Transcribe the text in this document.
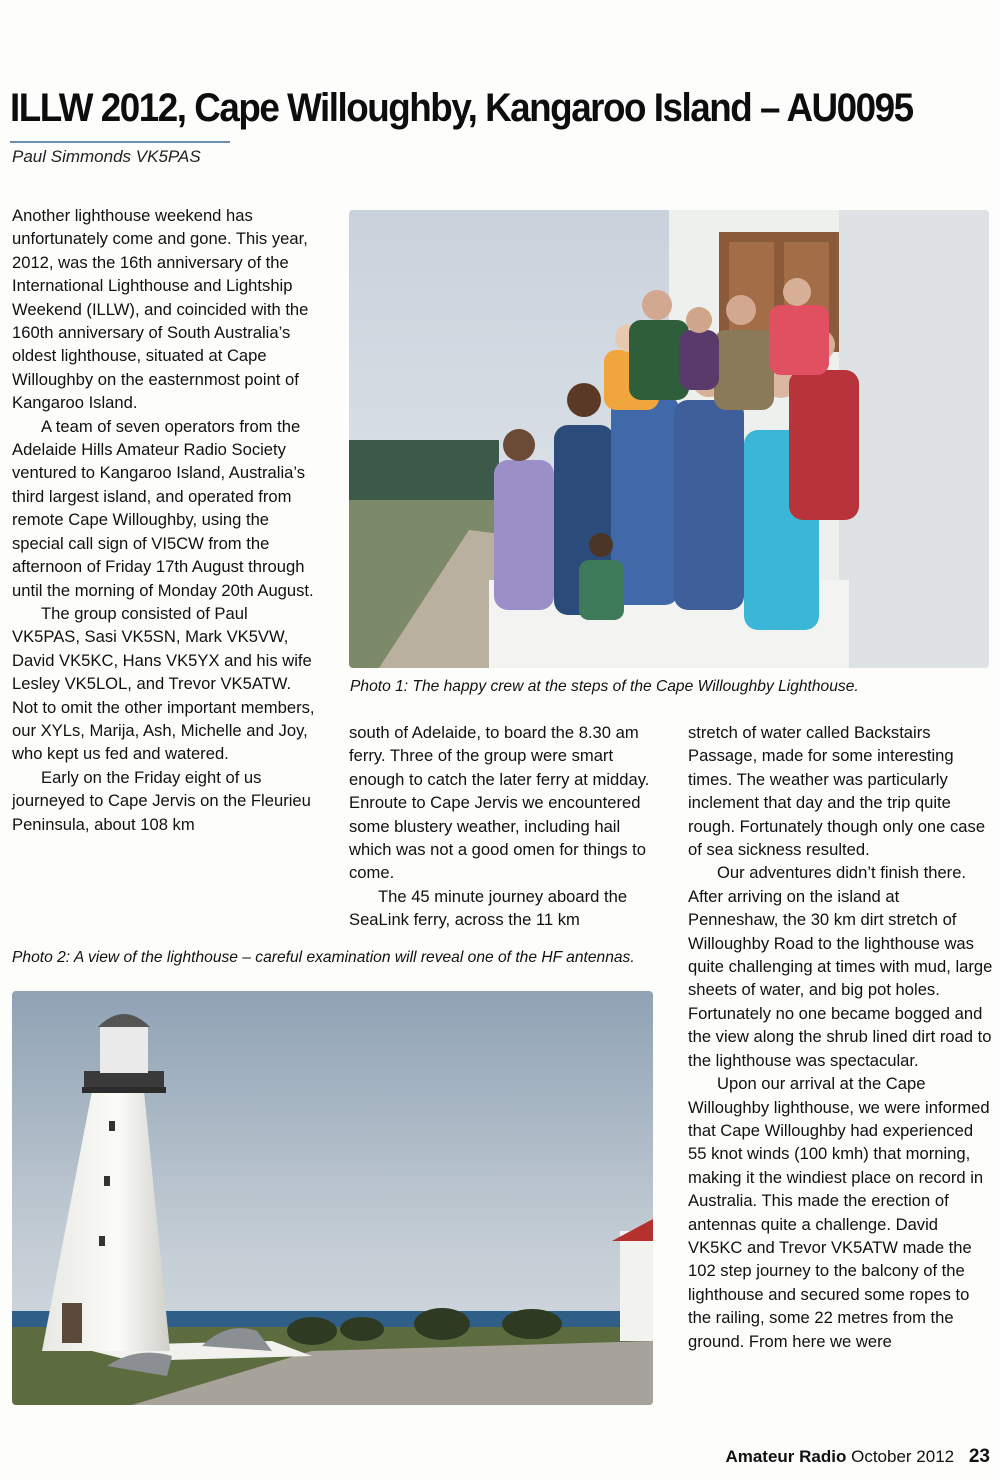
ILLW 2012, Cape Willoughby, Kangaroo Island – AU0095
Paul Simmonds VK5PAS

Another lighthouse weekend has unfortunately come and gone. This year, 2012, was the 16th anniversary of the International Lighthouse and Lightship Weekend (ILLW), and coincided with the 160th anniversary of South Australia’s oldest lighthouse, situated at Cape Willoughby on the easternmost point of Kangaroo Island.

A team of seven operators from the Adelaide Hills Amateur Radio Society ventured to Kangaroo Island, Australia’s third largest island, and operated from remote Cape Willoughby, using the special call sign of VI5CW from the afternoon of Friday 17th August through until the morning of Monday 20th August.

The group consisted of Paul VK5PAS, Sasi VK5SN, Mark VK5VW, David VK5KC, Hans VK5YX and his wife Lesley VK5LOL, and Trevor VK5ATW. Not to omit the other important members, our XYLs, Marija, Ash, Michelle and Joy, who kept us fed and watered.

Early on the Friday eight of us journeyed to Cape Jervis on the Fleurieu Peninsula, about 108 km

Photo 1: The happy crew at the steps of the Cape Willoughby Lighthouse.

south of Adelaide, to board the 8.30 am ferry. Three of the group were smart enough to catch the later ferry at midday. Enroute to Cape Jervis we encountered some blustery weather, including hail which was not a good omen for things to come.

The 45 minute journey aboard the SeaLink ferry, across the 11 km

stretch of water called Backstairs Passage, made for some interesting times. The weather was particularly inclement that day and the trip quite rough. Fortunately though only one case of sea sickness resulted.

Our adventures didn’t finish there. After arriving on the island at Penneshaw, the 30 km dirt stretch of Willoughby Road to the lighthouse was quite challenging at times with mud, large sheets of water, and big pot holes. Fortunately no one became bogged and the view along the shrub lined dirt road to the lighthouse was spectacular.

Upon our arrival at the Cape Willoughby lighthouse, we were informed that Cape Willoughby had experienced 55 knot winds (100 kmh) that morning, making it the windiest place on record in Australia. This made the erection of antennas quite a challenge. David VK5KC and Trevor VK5ATW made the 102 step journey to the balcony of the lighthouse and secured some ropes to the railing, some 22 metres from the ground. From here we were

Photo 2: A view of the lighthouse – careful examination will reveal one of the HF antennas.
Amateur Radio October 2012 23
